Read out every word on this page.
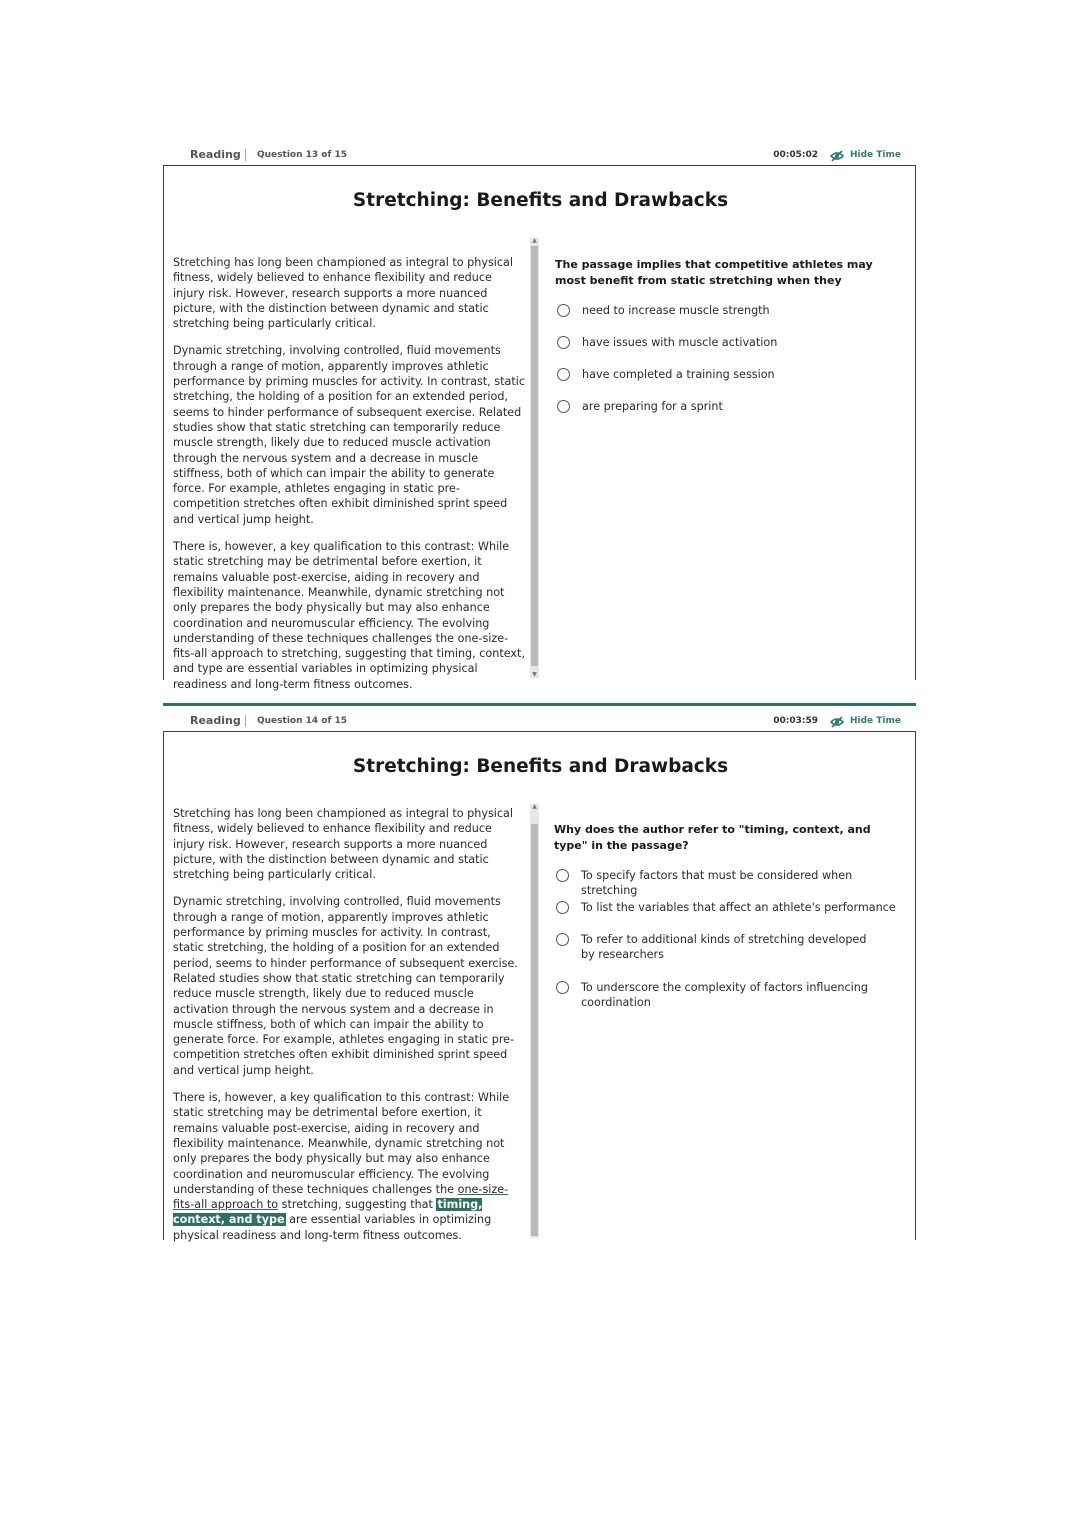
Reading Question 13 of 15	00:05:02	Hide Time
Stretching: Benefits and Drawbacks

Stretching has long been championed as integral to physical fitness, widely believed to enhance flexibility and reduce injury risk. However, research supports a more nuanced picture, with the distinction between dynamic and static stretching being particularly critical.

Dynamic stretching, involving controlled, fluid movements through a range of motion, apparently improves athletic performance by priming muscles for activity. In contrast, static stretching, the holding of a position for an extended period, seems to hinder performance of subsequent exercise. Related studies show that static stretching can temporarily reduce muscle strength, likely due to reduced muscle activation through the nervous system and a decrease in muscle stiffness, both of which can impair the ability to generate force. For example, athletes engaging in static pre-competition stretches often exhibit diminished sprint speed and vertical jump height.

There is, however, a key qualification to this contrast: While static stretching may be detrimental before exertion, it remains valuable post-exercise, aiding in recovery and flexibility maintenance. Meanwhile, dynamic stretching not only prepares the body physically but may also enhance coordination and neuromuscular efficiency. The evolving understanding of these techniques challenges the one-size-fits-all approach to stretching, suggesting that timing, context, and type are essential variables in optimizing physical readiness and long-term fitness outcomes.

▲
▼
The passage implies that competitive athletes may most benefit from static stretching when they
need to increase muscle strength
have issues with muscle activation
have completed a training session
are preparing for a sprint
Reading Question 14 of 15	00:03:59	Hide Time
Stretching: Benefits and Drawbacks

Stretching has long been championed as integral to physical fitness, widely believed to enhance flexibility and reduce injury risk. However, research supports a more nuanced picture, with the distinction between dynamic and static stretching being particularly critical.

Dynamic stretching, involving controlled, fluid movements through a range of motion, apparently improves athletic performance by priming muscles for activity. In contrast, static stretching, the holding of a position for an extended period, seems to hinder performance of subsequent exercise. Related studies show that static stretching can temporarily reduce muscle strength, likely due to reduced muscle activation through the nervous system and a decrease in muscle stiffness, both of which can impair the ability to generate force. For example, athletes engaging in static pre-competition stretches often exhibit diminished sprint speed and vertical jump height.

There is, however, a key qualification to this contrast: While static stretching may be detrimental before exertion, it remains valuable post-exercise, aiding in recovery and flexibility maintenance. Meanwhile, dynamic stretching not only prepares the body physically but may also enhance coordination and neuromuscular efficiency. The evolving understanding of these techniques challenges the one-size-fits-all approach to stretching, suggesting that timing, context, and type are essential variables in optimizing physical readiness and long-term fitness outcomes.

▲
Why does the author refer to "timing, context, and type" in the passage?
To specify factors that must be considered when stretching
To list the variables that affect an athlete's performance
To refer to additional kinds of stretching developed by researchers
To underscore the complexity of factors influencing coordination
